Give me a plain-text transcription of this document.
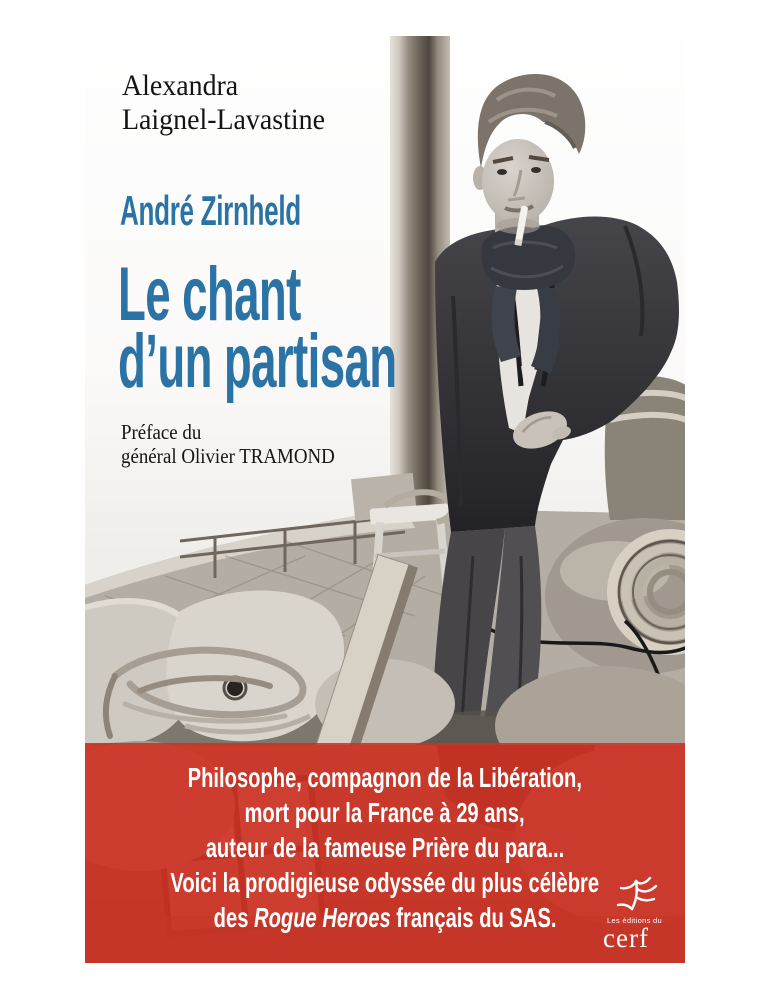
Alexandra
Laignel-Lavastine
André Zirnheld
Le chant
d’un partisan
Préface du
général Olivier TRAMOND
Philosophe, compagnon de la Libération,
mort pour la France à 29 ans,
auteur de la fameuse Prière du para...
Voici la prodigieuse odyssée du plus célèbre
des Rogue Heroes français du SAS.	Les éditions du
cerf
